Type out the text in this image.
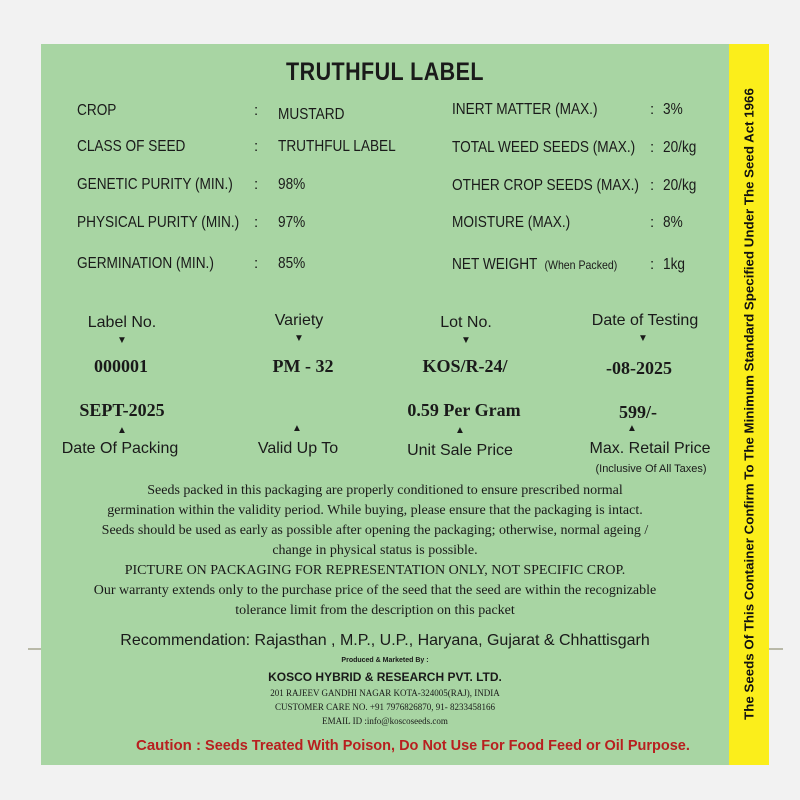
TRUTHFUL LABEL
CROP	: MUSTARD
CLASS OF SEED	: TRUTHFUL LABEL
GENETIC PURITY (MIN.) : 98%
PHYSICAL PURITY (MIN.) : 97%
GERMINATION (MIN.)	: 85%
INERT MATTER (MAX.)	: 3%
TOTAL WEED SEEDS (MAX.) : 20/kg
OTHER CROP SEEDS (MAX.) : 20/kg
MOISTURE (MAX.)	: 8%
NET WEIGHT (When Packed) : 1kg
Label No.
▼
000001
Variety
▼
PM - 32
Lot No.
▼
KOS/R-24/
Date of Testing
▼
-08-2025
SEPT-2025
▲
Date Of Packing
▲
Valid Up To
0.59 Per Gram
▲
Unit Sale Price
599/-
▲
Max. Retail Price
(Inclusive Of All Taxes)
Seeds packed in this packaging are properly conditioned to ensure prescribed normal
germination within the validity period. While buying, please ensure that the packaging is intact.
Seeds should be used as early as possible after opening the packaging; otherwise, normal ageing /
change in physical status is possible.
PICTURE ON PACKAGING FOR REPRESENTATION ONLY, NOT SPECIFIC CROP.
Our warranty extends only to the purchase price of the seed that the seed are within the recognizable
tolerance limit from the description on this packet
Recommendation: Rajasthan , M.P., U.P., Haryana, Gujarat & Chhattisgarh
Produced & Marketed By :
KOSCO HYBRID & RESEARCH PVT. LTD.
201 RAJEEV GANDHI NAGAR KOTA-324005(RAJ), INDIA
CUSTOMER CARE NO. +91 7976826870, 91- 8233458166
EMAIL ID :info@koscoseeds.com
Caution : Seeds Treated With Poison, Do Not Use For Food Feed or Oil Purpose.
The Seeds Of This Container Confirm To The Minimum Standard Specified Under The Seed Act 1966
